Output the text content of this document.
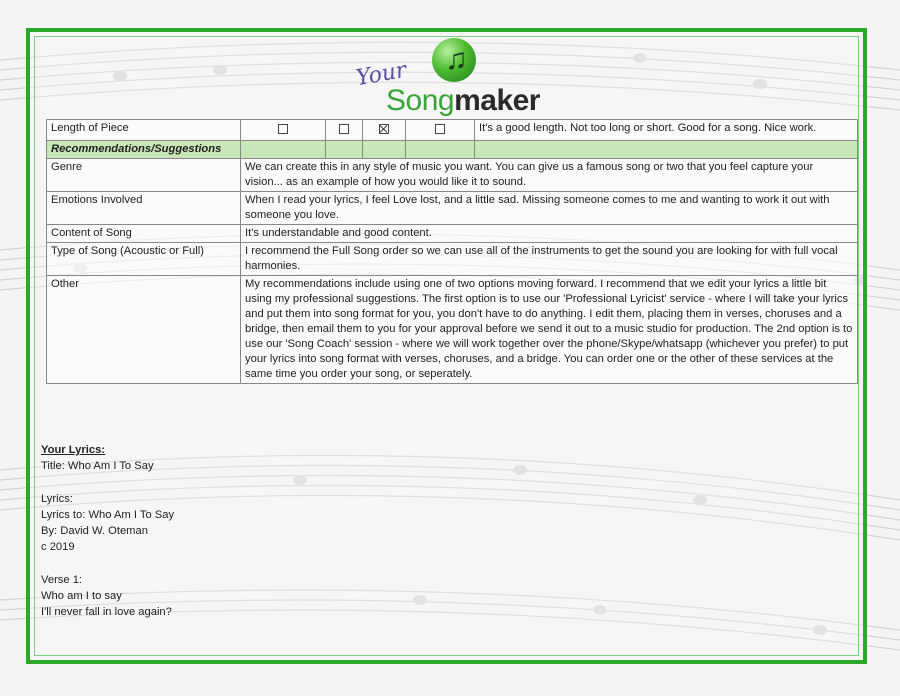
Your ♫
Songmaker
Length of Piece					It's a good length. Not too long or short. Good for a song. Nice work.
Recommendations/Suggestions					
Genre	We can create this in any style of music you want. You can give us a famous song or two that you feel capture your vision... as an example of how you would like it to sound.				
Emotions Involved	When I read your lyrics, I feel Love lost, and a little sad. Missing someone comes to me and wanting to work it out with someone you love.				
Content of Song	It's understandable and good content.				
Type of Song (Acoustic or Full)	I recommend the Full Song order so we can use all of the instruments to get the sound you are looking for with full vocal harmonies.				
Other	My recommendations include using one of two options moving forward. I recommend that we edit your lyrics a little bit using my professional suggestions. The first option is to use our 'Professional Lyricist' service - where I will take your lyrics and put them into song format for you, you don't have to do anything. I edit them, placing them in verses, choruses and a bridge, then email them to you for your approval before we send it out to a music studio for production. The 2nd option is to use our 'Song Coach' session - where we will work together over the phone/Skype/whatsapp (whichever you prefer) to put your lyrics into song format with verses, choruses, and a bridge. You can order one or the other of these services at the same time you order your song, or seperately.				

Your Lyrics:

Title: Who Am I To Say

Lyrics:

Lyrics to: Who Am I To Say

By: David W. Oteman

c 2019

Verse 1:

Who am I to say

I'll never fall in love again?
